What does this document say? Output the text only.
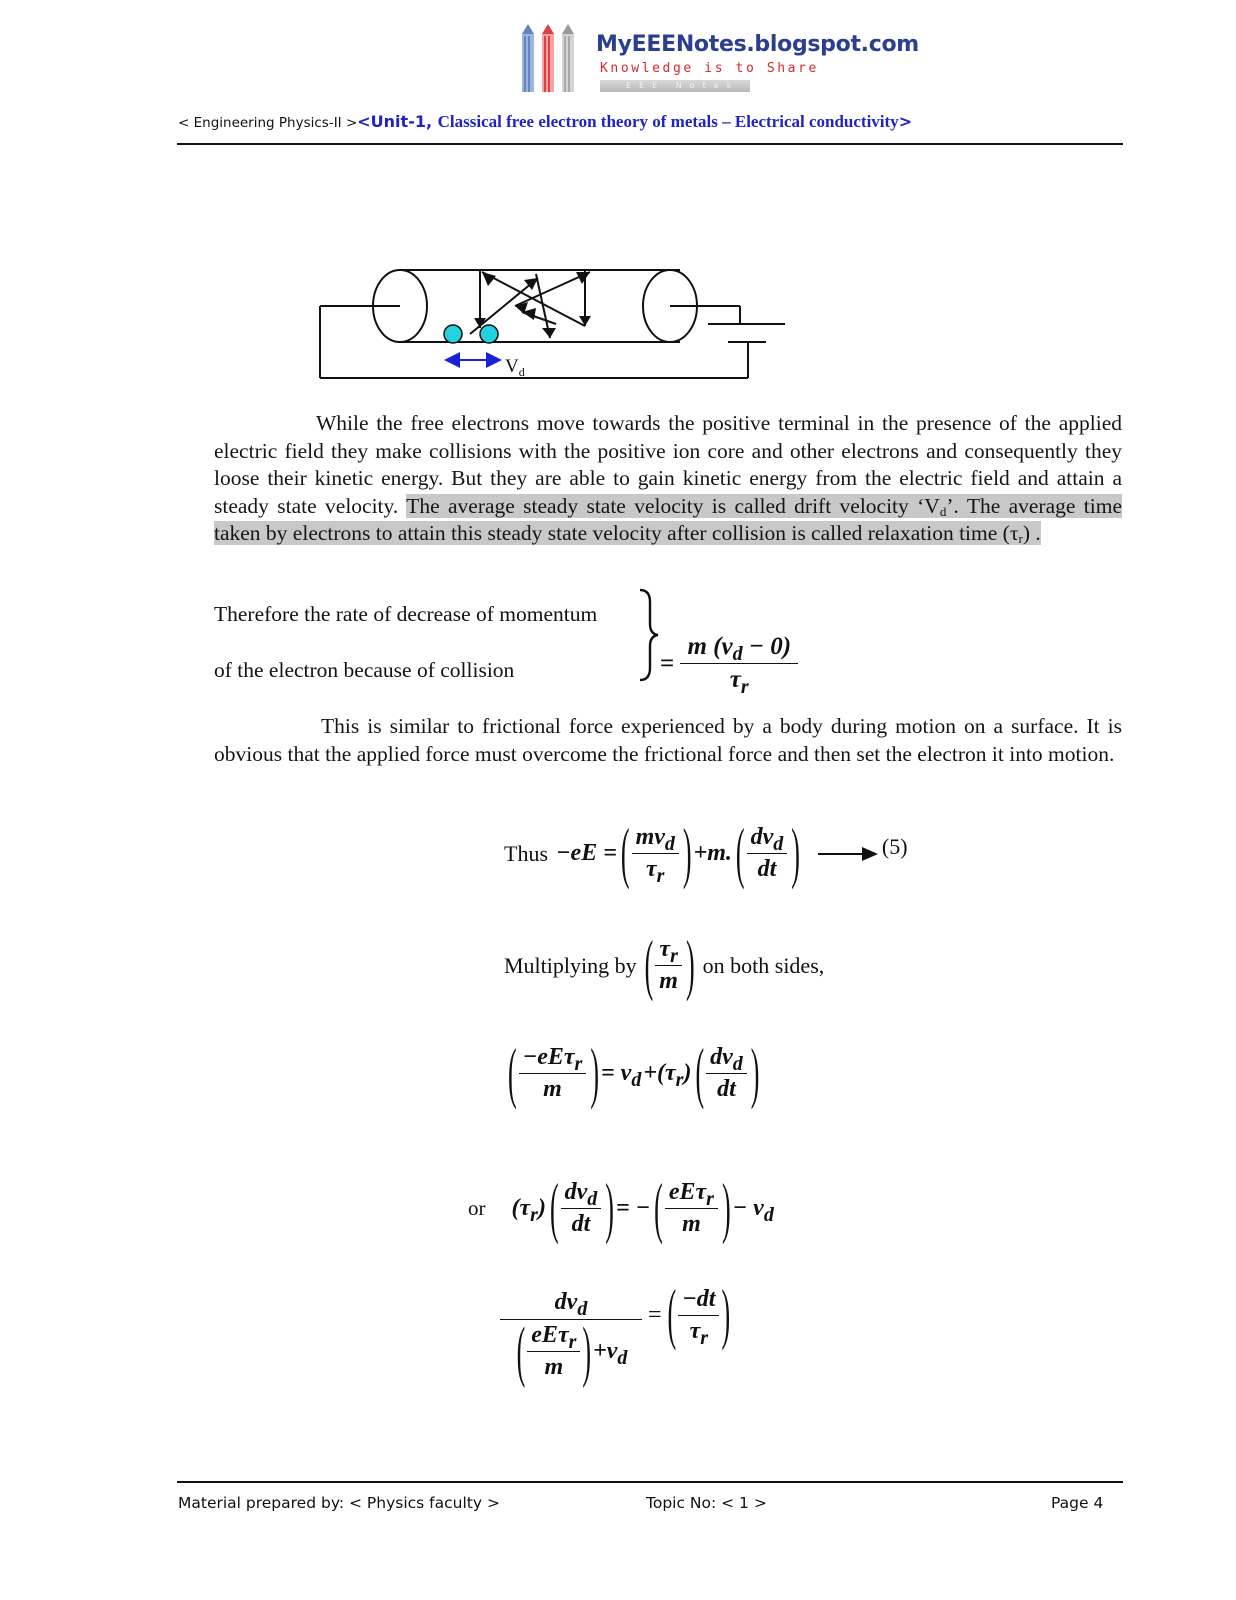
MyEEENotes.blogspot.com
Knowledge is to Share
EEE Notes
< Engineering Physics-II ><Unit-1, Classical free electron theory of metals – Electrical conductivity>
$V_d$
While the free electrons move towards the positive terminal in the presence of the applied electric field they make collisions with the positive ion core and other electrons and consequently they loose their kinetic energy. But they are able to gain kinetic energy from the electric field and attain a steady state velocity. The average steady state velocity is called drift velocity ‘$V_d$’. The average time taken by electrons to attain this steady state velocity after collision is called relaxation time $(\tau_r)$ .
Therefore the rate of decrease of momentum
of the electron because of collision	= $\frac{m (v_d - 0)}{\tau_r}$
This is similar to frictional force experienced by a body during motion on a surface. It is obvious that the applied force must overcome the frictional force and then set the electron it into motion.
Thus −eE = ( $\frac{mv_d}{\tau_r}$ ) +m. ( $\frac{dv_d}{dt}$ )	(5)
Multiplying by ( $\frac{\tau_r}{m}$ ) on both sides,
( $\frac{-eE\tau_r}{m}$ ) = $v_d +(\tau_r)$ ( $\frac{dv_d}{dt}$ )
or $(\tau_r)$ ( $\frac{dv_d}{dt}$ ) = − ( $\frac{eE\tau_r}{m}$ ) − $v_d$
$\frac{dv_d}{( \frac{eE\tau_r}{m} ) +v_d}$ = ( $\frac{-dt}{\tau_r}$ )
Material prepared by: < Physics faculty >	Topic No: < 1 >	Page 4
